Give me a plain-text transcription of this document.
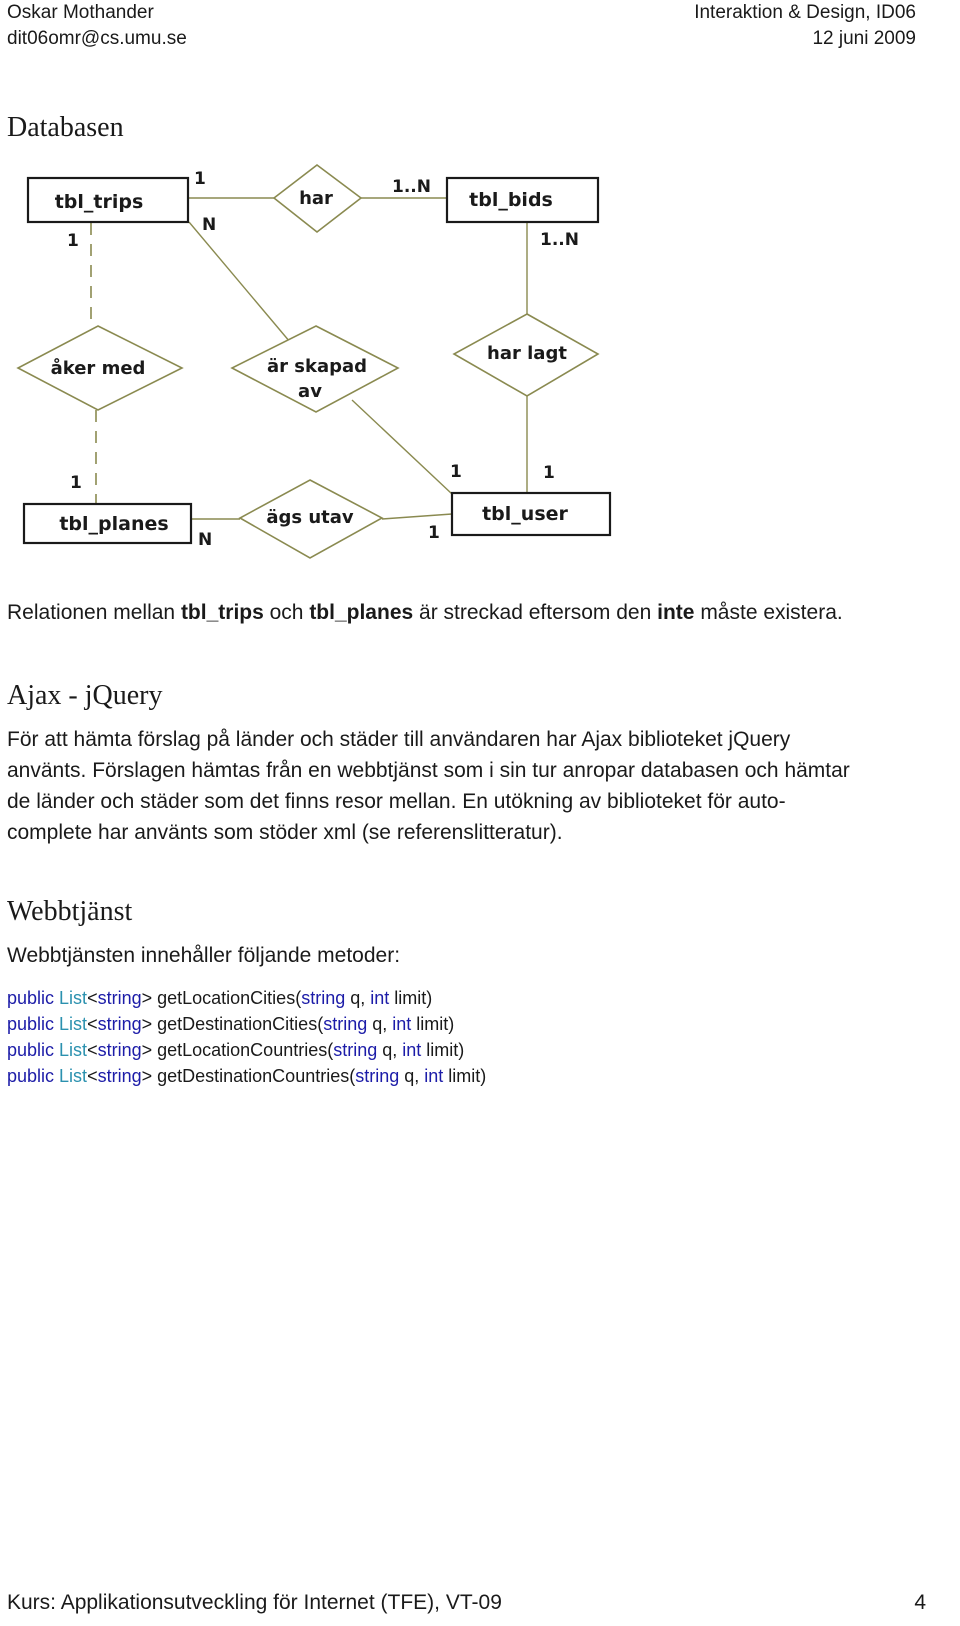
Oskar Mothander
dit06omr@cs.umu.se
Interaktion & Design, ID06
12 juni 2009
Databasen
tbl_trips	tbl_bids
tbl_planes	tbl_user
har
åker med	är skapad
av
har lagt
ägs utav
1	1..N
N
1	1..N
1
1	1
N	1
Relationen mellan tbl_trips och tbl_planes är streckad eftersom den inte måste existera.
Ajax - jQuery
För att hämta förslag på länder och städer till användaren har Ajax biblioteket jQuery
använts. Förslagen hämtas från en webbtjänst som i sin tur anropar databasen och hämtar
de länder och städer som det finns resor mellan. En utökning av biblioteket för auto-
complete har använts som stöder xml (se referenslitteratur).
Webbtjänst
Webbtjänsten innehåller följande metoder:
public List<string> getLocationCities(string q, int limit)
public List<string> getDestinationCities(string q, int limit)
public List<string> getLocationCountries(string q, int limit)
public List<string> getDestinationCountries(string q, int limit)
Kurs: Applikationsutveckling för Internet (TFE), VT-09	4
